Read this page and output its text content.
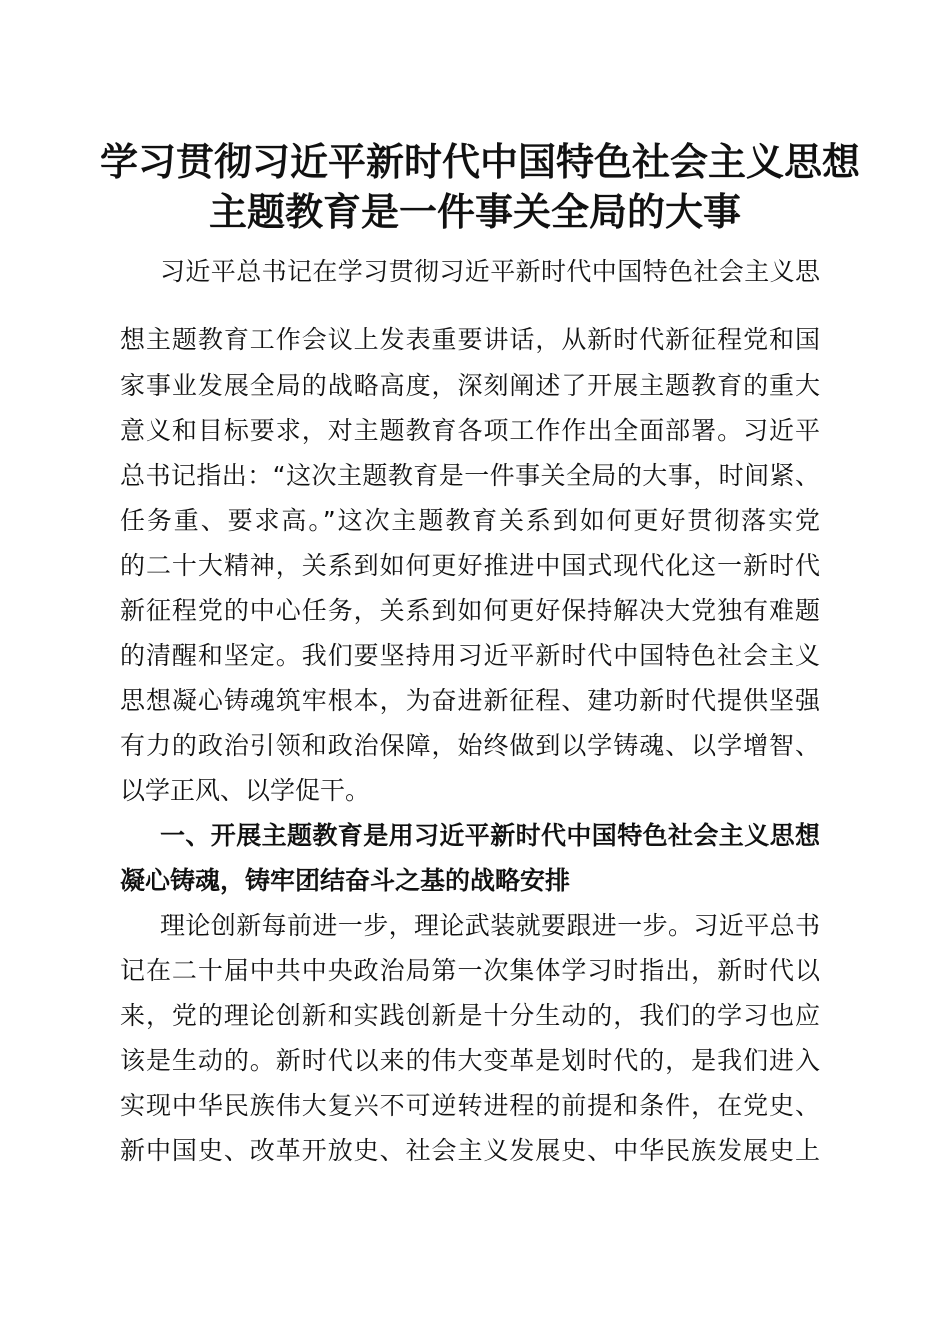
学习贯彻习近平新时代中国特色社会主义思想
主题教育是一件事关全局的大事
习近平总书记在学习贯彻习近平新时代中国特色社会主义思
想主题教育工作会议上发表重要讲话，从新时代新征程党和国
家事业发展全局的战略高度，深刻阐述了开展主题教育的重大
意义和目标要求，对主题教育各项工作作出全面部署。习近平
总书记指出：“这次主题教育是一件事关全局的大事，时间紧、
任务重、要求高。”这次主题教育关系到如何更好贯彻落实党
的二十大精神，关系到如何更好推进中国式现代化这一新时代
新征程党的中心任务，关系到如何更好保持解决大党独有难题
的清醒和坚定。我们要坚持用习近平新时代中国特色社会主义
思想凝心铸魂筑牢根本，为奋进新征程、建功新时代提供坚强
有力的政治引领和政治保障，始终做到以学铸魂、以学增智、
以学正风、以学促干。
一、开展主题教育是用习近平新时代中国特色社会主义思想
凝心铸魂，铸牢团结奋斗之基的战略安排
理论创新每前进一步，理论武装就要跟进一步。习近平总书
记在二十届中共中央政治局第一次集体学习时指出，新时代以
来，党的理论创新和实践创新是十分生动的，我们的学习也应
该是生动的。新时代以来的伟大变革是划时代的，是我们进入
实现中华民族伟大复兴不可逆转进程的前提和条件，在党史、
新中国史、改革开放史、社会主义发展史、中华民族发展史上
